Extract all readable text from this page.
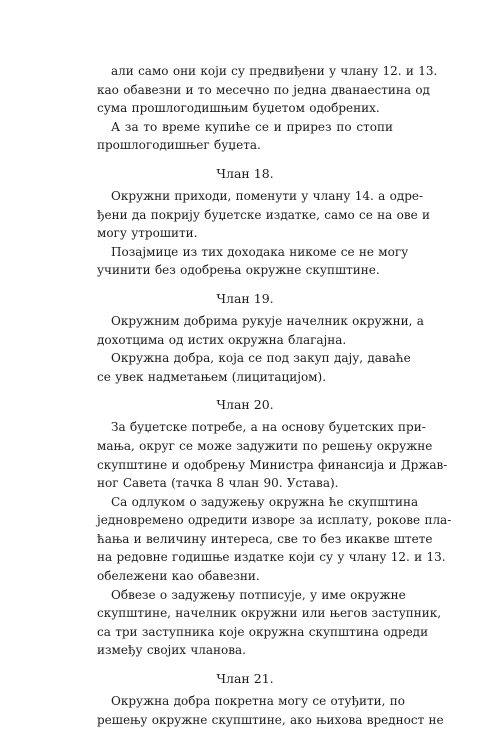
али само они који су предвиђени у члану 12. и 13.
као обавезни и то месечно по једна дванаестина од
сума прошлогодишњим буџетом одобрених.

А за то време купиће се и прирез по стопи
прошлогодишњег буџета.

Члан 18.

Окружни приходи, поменути у члану 14. а одре-
ђени да покрију буџетске издатке, само се на ове и
могу утрошити.

Позајмице из тих доходака никоме се не могу
учинити без одобрења окружне скупштине.

Члан 19.

Окружним добрима рукује начелник окружни, а
дохотцима од истих окружна благајна.

Окружна добра, која се под закуп дају, даваће
се увек надметањем (лицитацијом).

Члан 20.

За буџетске потребе, а на основу буџетских при-
мања, округ се може задужити по решењу окружне
скупштине и одобрењу Министра финансија и Држав-
ног Савета (тачка 8 члан 90. Устава).

Са одлуком о задужењу окружна ће скупштина
једновремено одредити изворе за исплату, рокове пла-
ћања и величину интереса, све то без икакве штете
на редовне годишње издатке који су у члану 12. и 13.
обележени као обавезни.

Обвезе о задужењу потписује, у име окружне
скупштине, начелник окружни или његов заступник,
са три заступника које окружна скупштина одреди
између својих чланова.

Члан 21.

Окружна добра покретна могу се отуђити, по
решењу окружне скупштине, ако њихова вредност не
